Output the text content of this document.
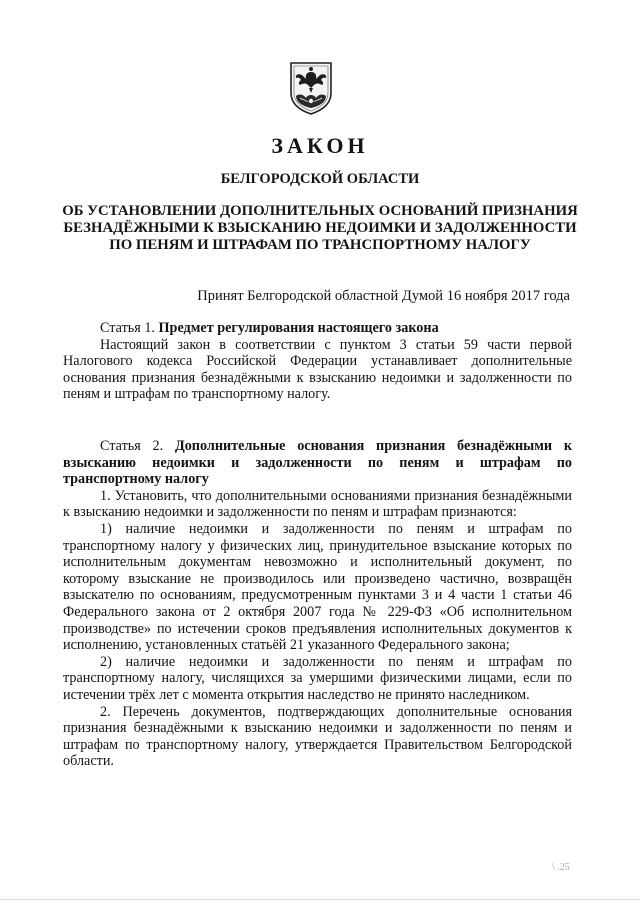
ЗАКОН
БЕЛГОРОДСКОЙ ОБЛАСТИ
ОБ УСТАНОВЛЕНИИ ДОПОЛНИТЕЛЬНЫХ ОСНОВАНИЙ ПРИЗНАНИЯ БЕЗНАДЁЖНЫМИ К ВЗЫСКАНИЮ НЕДОИМКИ И ЗАДОЛЖЕННОСТИ ПО ПЕНЯМ И ШТРАФАМ ПО ТРАНСПОРТНОМУ НАЛОГУ
Принят Белгородской областной Думой 16 ноября 2017 года

Статья 1. Предмет регулирования настоящего закона

Настоящий закон в соответствии с пунктом 3 статьи 59 части первой Налогового кодекса Российской Федерации устанавливает дополнительные основания признания безнадёжными к взысканию недоимки и задолженности по пеням и штрафам по транспортному налогу.

Статья 2. Дополнительные основания признания безнадёжными к взысканию недоимки и задолженности по пеням и штрафам по транспортному налогу

1. Установить, что дополнительными основаниями признания безнадёжными к взысканию недоимки и задолженности по пеням и штрафам признаются:

1) наличие недоимки и задолженности по пеням и штрафам по транспортному налогу у физических лиц, принудительное взыскание которых по исполнительным документам невозможно и исполнительный документ, по которому взыскание не производилось или произведено частично, возвращён взыскателю по основаниям, предусмотренным пунктами 3 и 4 части 1 статьи 46 Федерального закона от 2 октября 2007 года № 229-ФЗ «Об исполнительном производстве» по истечении сроков предъявления исполнительных документов к исполнению, установленных статьёй 21 указанного Федерального закона;

2) наличие недоимки и задолженности по пеням и штрафам по транспортному налогу, числящихся за умершими физическими лицами, если по истечении трёх лет с момента открытия наследство не принято наследником.

2. Перечень документов, подтверждающих дополнительные основания признания безнадёжными к взысканию недоимки и задолженности по пеням и штрафам по транспортному налогу, утверждается Правительством Белгородской области.

\ .25
